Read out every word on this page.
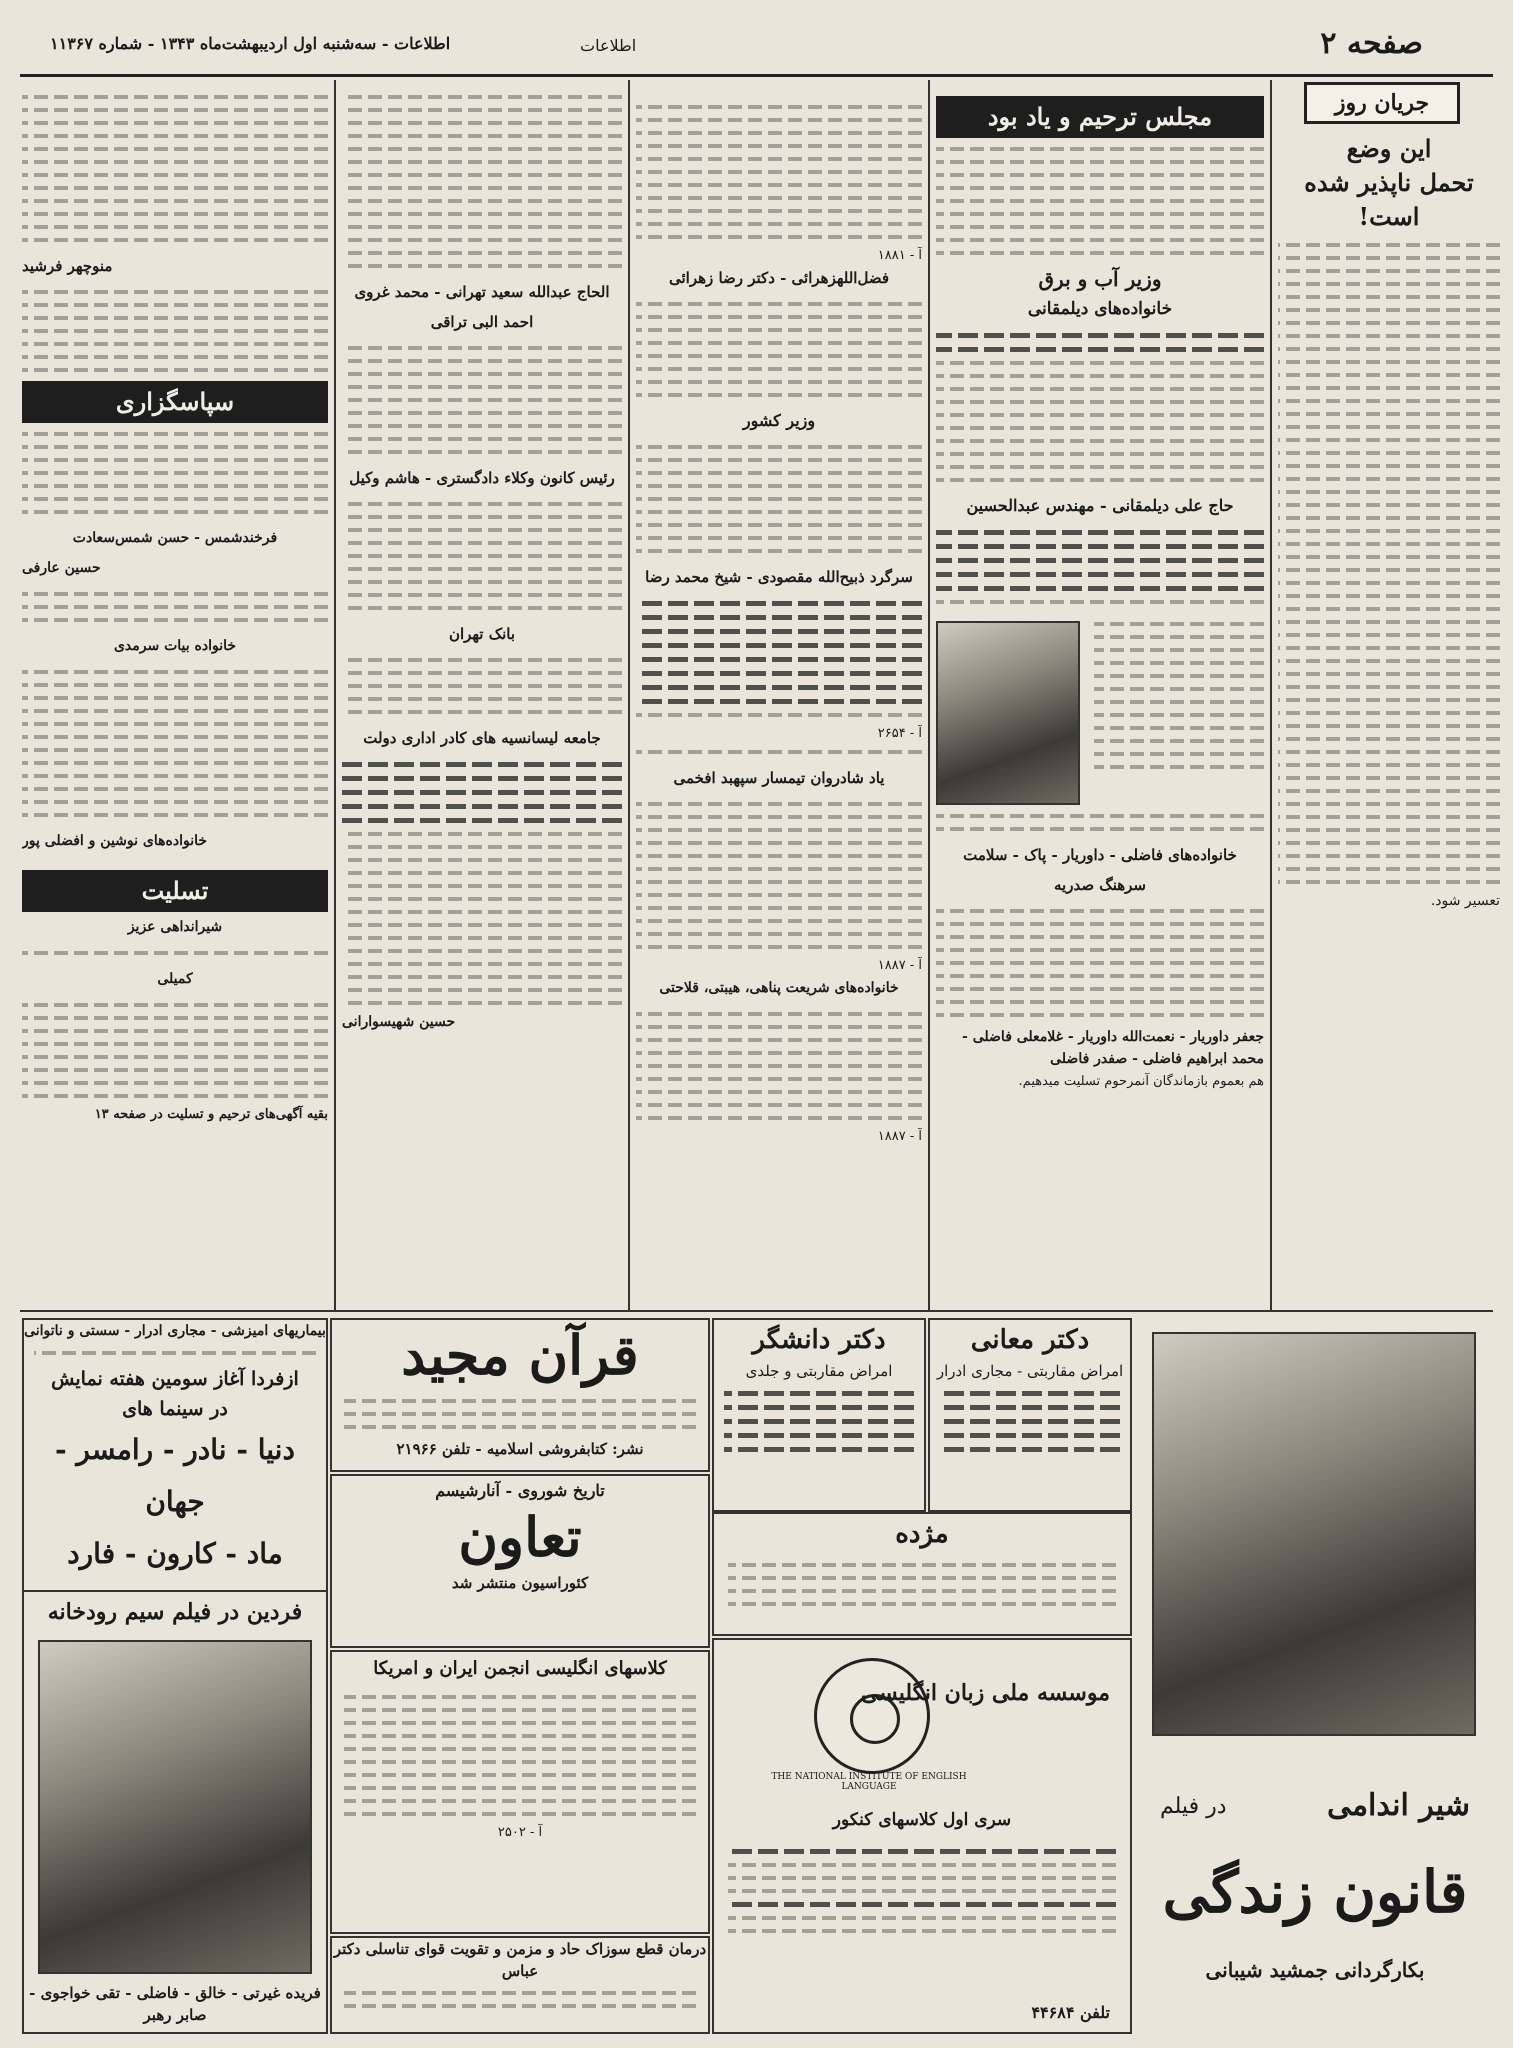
صفحه ۲
اطلاعات
اطلاعات - سه‌شنبه اول اردیبهشت‌ماه ۱۳۴۳ - شماره ۱۱۳۶۷
جریان روز
این وضع
تحمل ناپذیر شده است!
تعسیر شود.
مجلس ترحیم و یاد بود
وزیر آب و برق
خانواده‌های دیلمقانی
حاج علی دیلمقانی - مهندس عبدالحسین
خانواده‌های فاضلی - داوریار - پاک - سلامت
سرهنگ صدریه
جعفر داوریار - نعمت‌الله داوریار - غلامعلی فاضلی - محمد ابراهیم فاضلی - صفدر فاضلی
هم بعموم بازماندگان آنمرحوم تسلیت میدهیم.
آ - ۱۸۸۱
فضل‌اللهزهرائی - دکتر رضا زهرائی
وزیر کشور
سرگرد ذبیح‌الله مقصودی - شیخ محمد رضا
آ - ۲۶۵۴
یاد شادروان تیمسار سپهبد افخمی
آ - ۱۸۸۷
خانواده‌های شریعت پناهی، هیبتی، قلاحتی
آ - ۱۸۸۷
الحاج عبدالله سعید تهرانی - محمد غروی
احمد البی تراقی
رئیس کانون وکلاء دادگستری - هاشم وکیل
بانک تهران
جامعه لیسانسیه های کادر اداری دولت
حسین شهیسوارانی
منوچهر فرشید
سپاسگزاری
فرخندشمس - حسن شمس‌سعادت
حسین عارفی
خانواده بیات سرمدی
خانواده‌های نوشین و افضلی پور
تسلیت
شیرانداهی عزیز
کمیلی
بقیه آگهی‌های ترحیم و تسلیت در صفحه ۱۳
شیر اندامی
در فیلم
قانون زندگی
بکارگردانی جمشید شیبانی
دکتر معانی
امراض مقاربتی - مجاری ادرار
دکتر دانشگر
امراض مقاربتی و جلدی
مژده
THE NATIONAL INSTITUTE OF ENGLISH LANGUAGE
موسسه ملی زبان انگلیسی
سری اول کلاسهای کنکور
تلفن ۴۴۶۸۴
قرآن مجید
نشر: کتابفروشی اسلامیه - تلفن ۲۱۹۶۶
تاریخ شوروی - آنارشیسم
تعاون
کئوراسیون منتشر شد
کلاسهای انگلیسی انجمن ایران و امریکا
آ - ۲۵۰۲
درمان قطع سوزاک حاد و مزمن و تقویت قوای تناسلی دکتر عباس
بیماریهای امیزشی - مجاری ادرار - سستی و ناتوانی
ازفردا آغاز سومین هفته نمایش
در سینما های
دنیا - نادر - رامسر - جهان
ماد - کارون - فارد
فردین در فیلم سیم رودخانه
فریده غیرتی - خالق - فاضلی - تقی خواجوی - صابر رهبر
